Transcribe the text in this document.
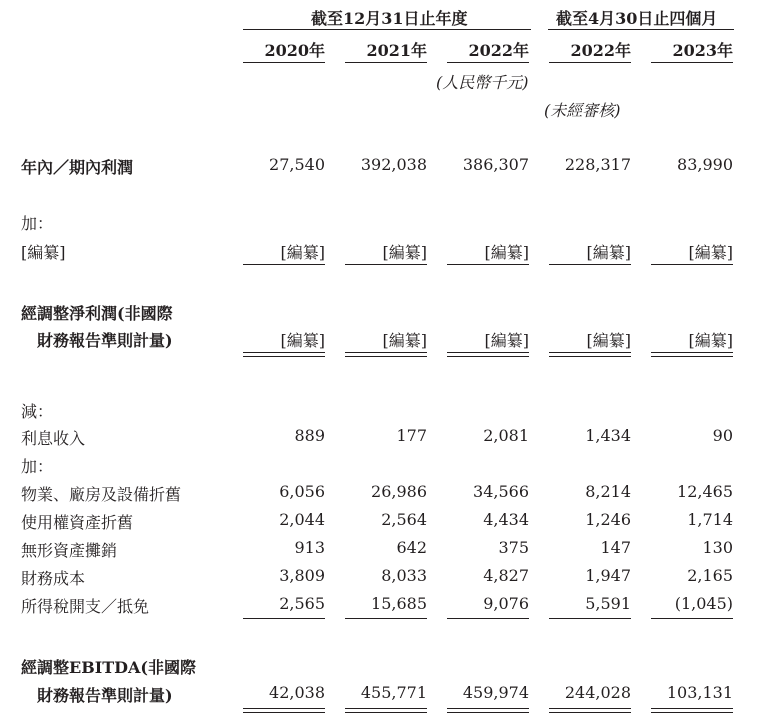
截至12月31日止年度	截至4月30日止四個月
2020年	2021年	2022年	2022年	2023年
(人民幣千元)
(未經審核)
年內／期內利潤	27,540	392,038	386,307	228,317	83,990
加：
[編纂]	[編纂]	[編纂]	[編纂]	[編纂]	[編纂]
經調整淨利潤(非國際
財務報告準則計量)	[編纂]	[編纂]	[編纂]	[編纂]	[編纂]
減：
利息收入	889	177	2,081	1,434	90
加：
物業、廠房及設備折舊	6,056	26,986	34,566	8,214	12,465
使用權資產折舊	2,044	2,564	4,434	1,246	1,714
無形資產攤銷	913	642	375	147	130
財務成本	3,809	8,033	4,827	1,947	2,165
所得稅開支／抵免	2,565	15,685	9,076	5,591	(1,045)
經調整EBITDA(非國際
財務報告準則計量)	42,038	455,771	459,974	244,028	103,131
